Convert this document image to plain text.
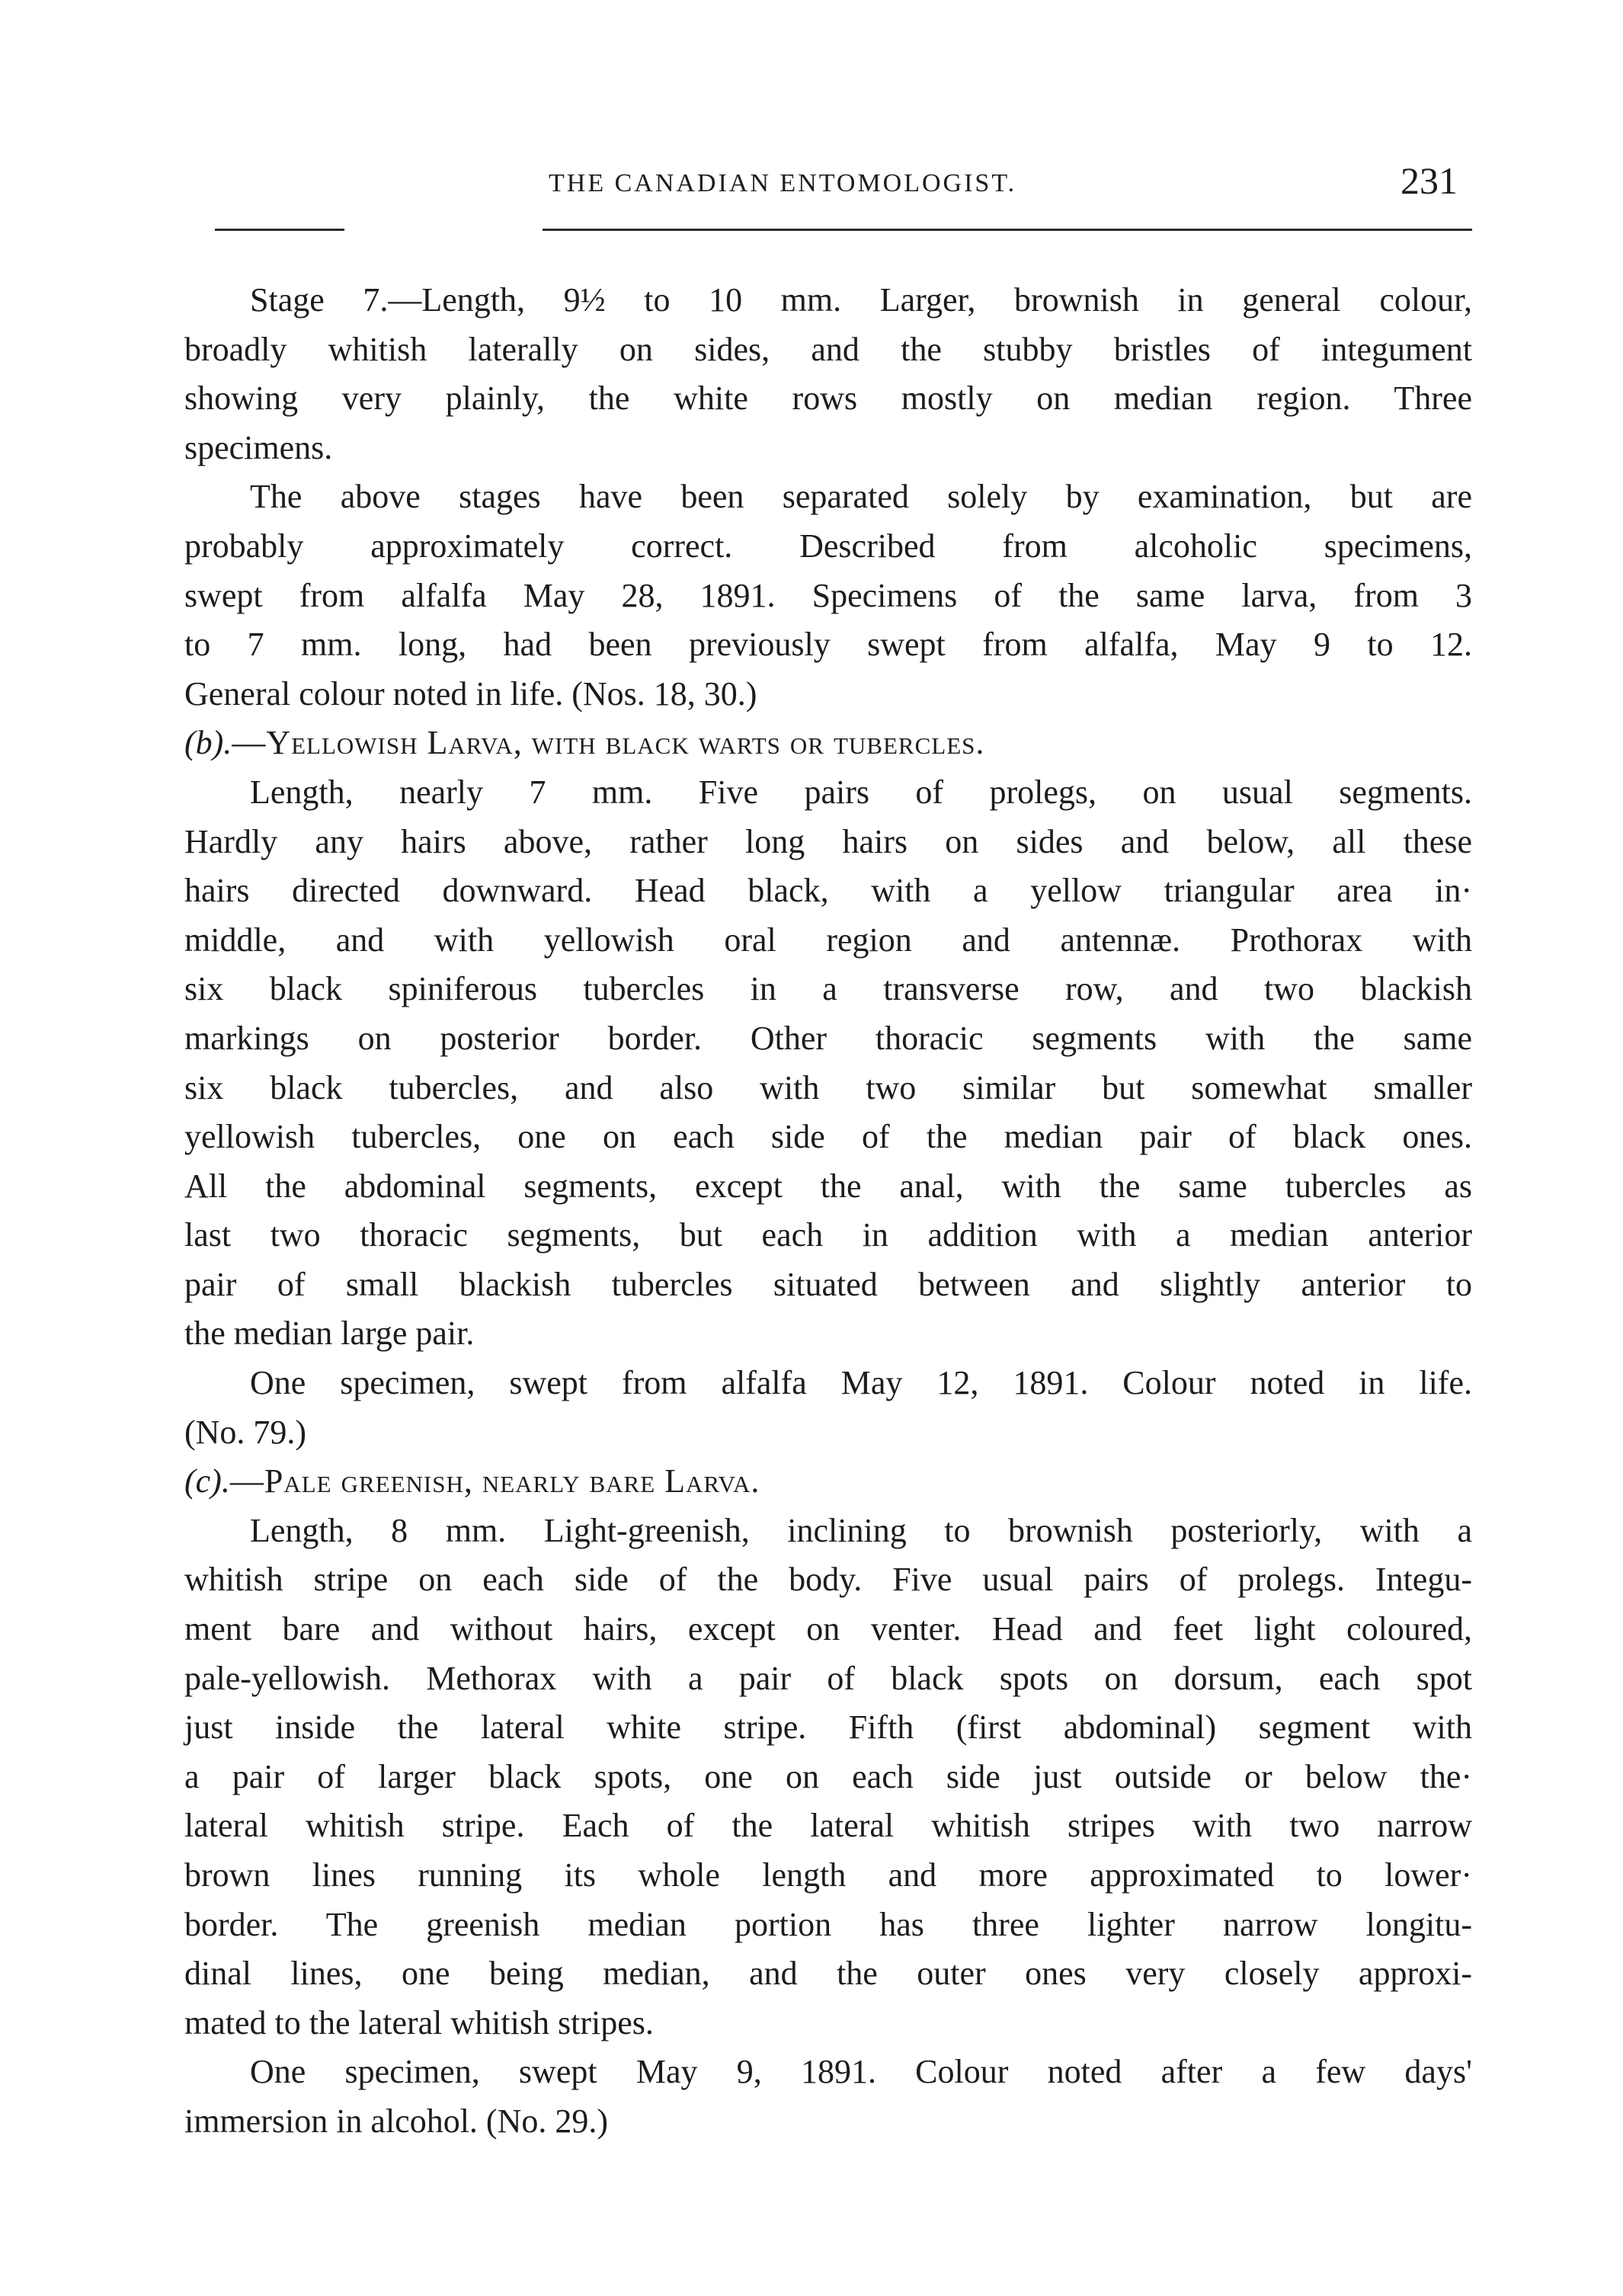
THE CANADIAN ENTOMOLOGIST.	231

Stage 7.—Length, 9½ to 10 mm. Larger, brownish in general colour,
broadly whitish laterally on sides, and the stubby bristles of integument
showing very plainly, the white rows mostly on median region. Three
specimens.

The above stages have been separated solely by examination, but are
probably approximately correct. Described from alcoholic specimens,
swept from alfalfa May 28, 1891. Specimens of the same larva, from 3
to 7 mm. long, had been previously swept from alfalfa, May 9 to 12.
General colour noted in life. (Nos. 18, 30.)

(b).—Yellowish Larva, with black warts or tubercles.

Length, nearly 7 mm. Five pairs of prolegs, on usual segments.
Hardly any hairs above, rather long hairs on sides and below, all these
hairs directed downward. Head black, with a yellow triangular area in·
middle, and with yellowish oral region and antennæ. Prothorax with
six black spiniferous tubercles in a transverse row, and two blackish
markings on posterior border. Other thoracic segments with the same
six black tubercles, and also with two similar but somewhat smaller
yellowish tubercles, one on each side of the median pair of black ones.
All the abdominal segments, except the anal, with the same tubercles as
last two thoracic segments, but each in addition with a median anterior
pair of small blackish tubercles situated between and slightly anterior to
the median large pair.

One specimen, swept from alfalfa May 12, 1891. Colour noted in life.
(No. 79.)

(c).—Pale greenish, nearly bare Larva.

Length, 8 mm. Light-greenish, inclining to brownish posteriorly, with a
whitish stripe on each side of the body. Five usual pairs of prolegs. Integu-
ment bare and without hairs, except on venter. Head and feet light coloured,
pale-yellowish. Methorax with a pair of black spots on dorsum, each spot
just inside the lateral white stripe. Fifth (first abdominal) segment with
a pair of larger black spots, one on each side just outside or below the·
lateral whitish stripe. Each of the lateral whitish stripes with two narrow
brown lines running its whole length and more approximated to lower·
border. The greenish median portion has three lighter narrow longitu-
dinal lines, one being median, and the outer ones very closely approxi-
mated to the lateral whitish stripes.

One specimen, swept May 9, 1891. Colour noted after a few days'
immersion in alcohol. (No. 29.)
